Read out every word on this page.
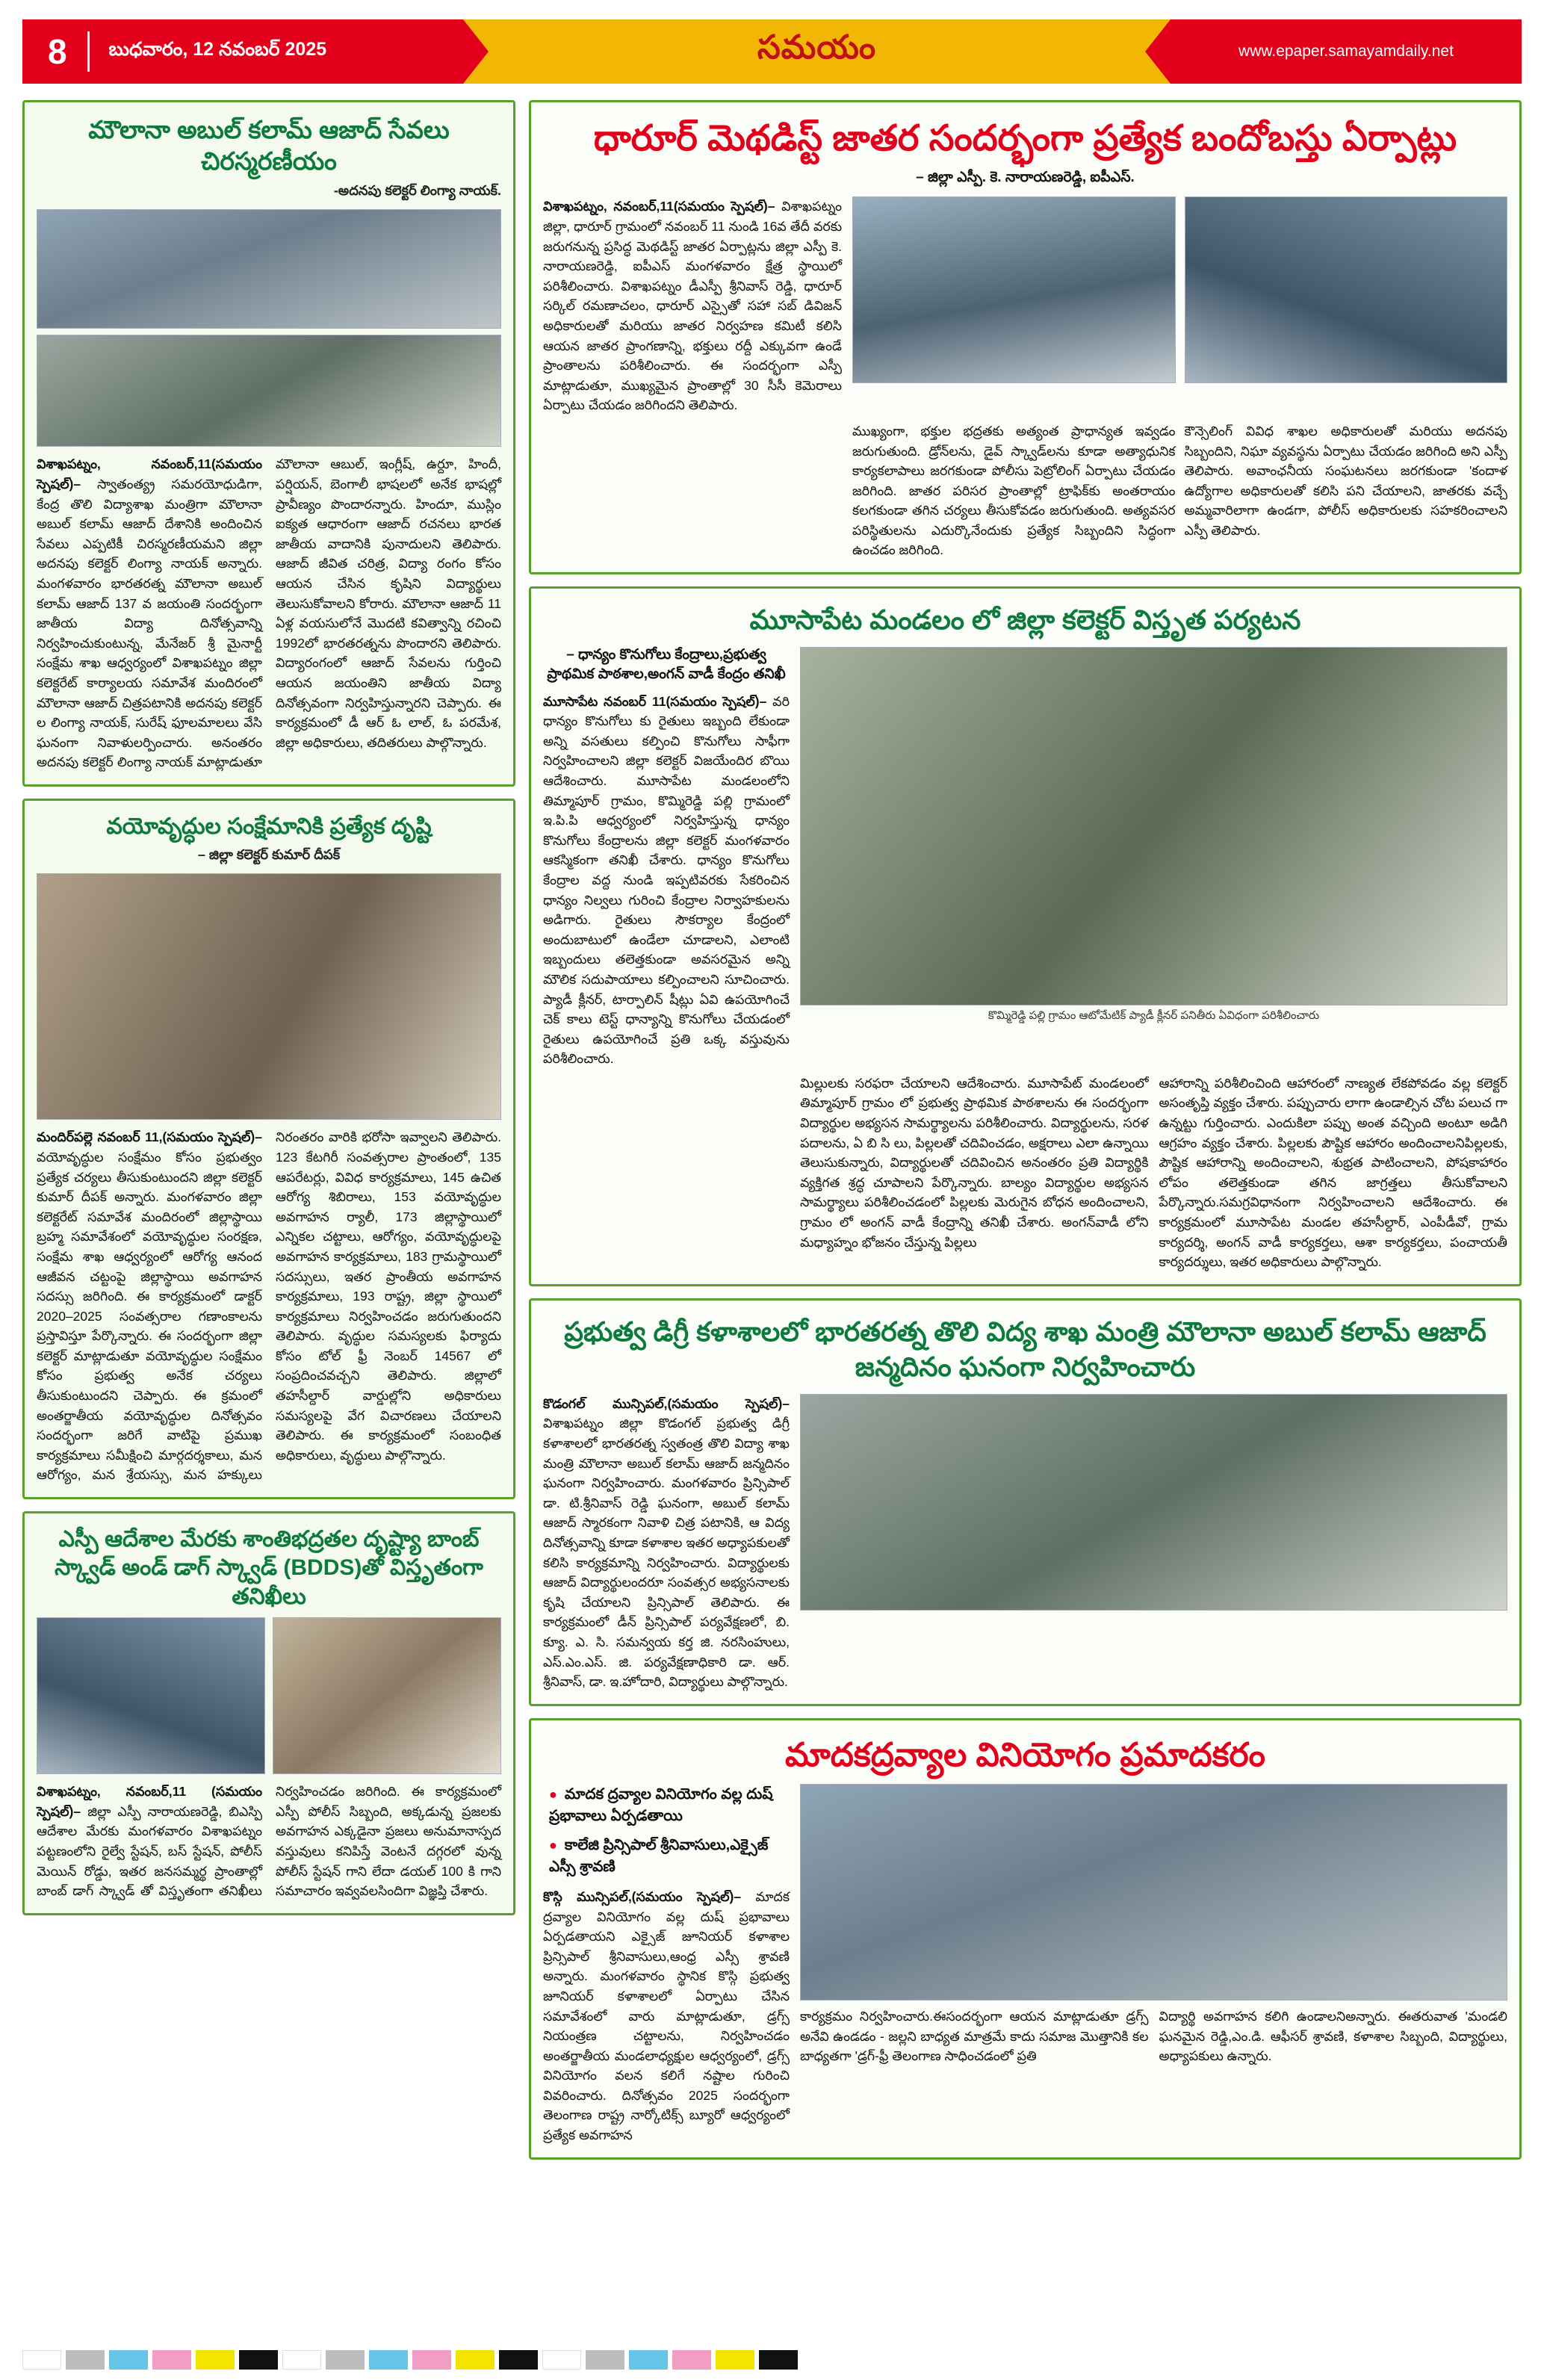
8	బుధవారం, 12 నవంబర్ 2025	సమయం	www.epaper.samayamdaily.net
మౌలానా అబుల్ కలామ్ ఆజాద్ సేవలు చిరస్మరణీయం
-అదనపు కలెక్టర్ లింగ్యా నాయక్.
విశాఖపట్నం, నవంబర్,11(సమయం స్పెషల్)– స్వాతంత్య్ర సమరయోధుడిగా, కేంద్ర తొలి విద్యాశాఖ మంత్రిగా మౌలానా అబుల్ కలామ్ ఆజాద్ దేశానికి అందించిన సేవలు ఎప్పటికీ చిరస్మరణీయమని జిల్లా అదనపు కలెక్టర్ లింగ్యా నాయక్ అన్నారు. మంగళవారం భారతరత్న మౌలానా అబుల్ కలామ్ ఆజాద్ 137 వ జయంతి సందర్భంగా జాతీయ విద్యా దినోత్సవాన్ని నిర్వహించుకుంటున్న, మేనేజర్ శ్రీ మైనార్టీ సంక్షేమ శాఖ ఆధ్వర్యంలో విశాఖపట్నం జిల్లా కలెక్టరేట్ కార్యాలయ సమావేశ మందిరంలో మౌలానా ఆజాద్ చిత్రపటానికి అదనపు కలెక్టర్ ల లింగ్యా నాయక్, సురేష్ ఫూలమాలలు వేసి ఘనంగా నివాళులర్పించారు. అనంతరం అదనపు కలెక్టర్ లింగ్యా నాయక్ మాట్లాడుతూ మౌలానా ఆబుల్, ఇంగ్లీష్, ఉర్దూ, హిందీ, పర్షియన్, బెంగాలీ భాషలలో అనేక భాషల్లో ప్రావీణ్యం పొందారన్నారు. హిందూ, ముస్లిం ఐక్యత ఆధారంగా ఆజాద్ రచనలు భారత జాతీయ వాదానికి పునాదులని తెలిపారు. ఆజాద్ జీవిత చరిత్ర, విద్యా రంగం కోసం ఆయన చేసిన కృషిని విద్యార్థులు తెలుసుకోవాలని కోరారు. మౌలానా ఆజాద్ 11 ఏళ్ల వయసులోనే మొదటి కవిత్వాన్ని రచించి 1992లో భారతరత్నను పొందారని తెలిపారు. విద్యారంగంలో ఆజాద్ సేవలను గుర్తించి ఆయన జయంతిని జాతీయ విద్యా దినోత్సవంగా నిర్వహిస్తున్నారని చెప్పారు. ఈ కార్యక్రమంలో డీ ఆర్ ఓ లాల్, ఓ పరమేశ, జిల్లా అధికారులు, తదితరులు పాల్గొన్నారు.
వయోవృద్ధుల సంక్షేమానికి ప్రత్యేక దృష్టి
– జిల్లా కలెక్టర్ కుమార్ దీపక్
మందిర్‌పల్లె నవంబర్ 11,(సమయం స్పెషల్)– వయోవృద్ధుల సంక్షేమం కోసం ప్రభుత్వం ప్రత్యేక చర్యలు తీసుకుంటుందని జిల్లా కలెక్టర్ కుమార్ దీపక్ అన్నారు. మంగళవారం జిల్లా కలెక్టరేట్ సమావేశ మందిరంలో జిల్లాస్థాయి బ్రహ్మ సమావేశంలో వయోవృద్ధుల సంరక్షణ, సంక్షేమ శాఖ ఆధ్వర్యంలో ఆరోగ్య ఆనంద ఆజీవన చట్టంపై జిల్లాస్థాయి అవగాహన సదస్సు జరిగింది. ఈ కార్యక్రమంలో డాక్టర్ 2020–2025 సంవత్సరాల గణాంకాలను ప్రస్తావిస్తూ పేర్కొన్నారు. ఈ సందర్భంగా జిల్లా కలెక్టర్ మాట్లాడుతూ వయోవృద్ధుల సంక్షేమం కోసం ప్రభుత్వ అనేక చర్యలు తీసుకుంటుందని చెప్పారు. ఈ క్రమంలో అంతర్జాతీయ వయోవృద్ధుల దినోత్సవం సందర్భంగా జరిగే వాటిపై ప్రముఖ కార్యక్రమాలు సమీక్షించి మార్గదర్శకాలు, మన ఆరోగ్యం, మన శ్రేయస్సు, మన హక్కులు నిరంతరం వారికి భరోసా ఇవ్వాలని తెలిపారు. 123 కేటగిరీ సంవత్సరాల ప్రాంతంలో, 135 ఆపరేటర్లు, వివిధ కార్యక్రమాలు, 145 ఉచిత ఆరోగ్య శిబిరాలు, 153 వయోవృద్ధుల అవగాహన ర్యాలీ, 173 జిల్లాస్థాయిలో ఎన్నికల చట్టాలు, ఆరోగ్యం, వయోవృద్ధులపై అవగాహన కార్యక్రమాలు, 183 గ్రామస్థాయిలో సదస్సులు, ఇతర ప్రాంతీయ అవగాహన కార్యక్రమాలు, 193 రాష్ట్ర, జిల్లా స్థాయిలో కార్యక్రమాలు నిర్వహించడం జరుగుతుందని తెలిపారు. వృద్ధుల సమస్యలకు ఫిర్యాదు కోసం టోల్ ఫ్రీ నెంబర్ 14567 లో సంప్రదించవచ్చని తెలిపారు. జిల్లాలో తహసీల్దార్ వార్డుల్లోని అధికారులు సమస్యలపై వేగ విచారణలు చేయాలని తెలిపారు. ఈ కార్యక్రమంలో సంబంధిత అధికారులు, వృద్ధులు పాల్గొన్నారు.
ఎస్పీ ఆదేశాల మేరకు శాంతిభద్రతల దృష్ట్యా బాంబ్ స్క్వాడ్ అండ్ డాగ్ స్క్వాడ్ (BDDS)తో విస్తృతంగా తనిఖీలు
విశాఖపట్నం, నవంబర్,11 (సమయం స్పెషల్)– జిల్లా ఎస్పీ నారాయణరెడ్డి, బిఎస్పి ఆదేశాల మేరకు మంగళవారం విశాఖపట్నం పట్టణంలోని రైల్వే స్టేషన్, బస్ స్టేషన్, పోలీస్ మెయిన్ రోడ్డు, ఇతర జనసమ్మర్థ ప్రాంతాల్లో బాంబ్ డాగ్ స్క్వాడ్ తో విస్తృతంగా తనిఖీలు నిర్వహించడం జరిగింది. ఈ కార్యక్రమంలో ఎస్పీ పోలీస్ సిబ్బంది, అక్కడున్న ప్రజలకు అవగాహన ఎక్కడైనా ప్రజలు అనుమానాస్పద వస్తువులు కనిపిస్తే వెంటనే దగ్గరలో వున్న పోలీస్ స్టేషన్ గాని లేదా డయల్ 100 కి గాని సమాచారం ఇవ్వవలసిందిగా విజ్ఞప్తి చేశారు.
ధారూర్ మెథడిస్ట్ జాతర సందర్భంగా ప్రత్యేక బందోబస్తు ఏర్పాట్లు
– జిల్లా ఎస్పీ. కె. నారాయణరెడ్డి, ఐపీఎస్.
విశాఖపట్నం, నవంబర్,11(సమయం స్పెషల్)– విశాఖపట్నం జిల్లా, ధారూర్ గ్రామంలో నవంబర్ 11 నుండి 16వ తేదీ వరకు జరుగనున్న ప్రసిద్ధ మెథడిస్ట్ జాతర ఏర్పాట్లను జిల్లా ఎస్పీ కె. నారాయణరెడ్డి, ఐపీఎస్ మంగళవారం క్షేత్ర స్థాయిలో పరిశీలించారు. విశాఖపట్నం డీఎస్పీ శ్రీనివాస్ రెడ్డి, ధారూర్ సర్కిల్ రమణాచలం, ధారూర్ ఎస్సైతో సహా సబ్ డివిజన్ అధికారులతో మరియు జాతర నిర్వహణ కమిటీ కలిసి ఆయన జాతర ప్రాంగణాన్ని, భక్తులు రద్దీ ఎక్కువగా ఉండే ప్రాంతాలను పరిశీలించారు. ఈ సందర్భంగా ఎస్పీ మాట్లాడుతూ, ముఖ్యమైన ప్రాంతాల్లో 30 సీసీ కెమెరాలు ఏర్పాటు చేయడం జరిగిందని తెలిపారు.
ముఖ్యంగా, భక్తుల భద్రతకు అత్యంత ప్రాధాన్యత ఇవ్వడం జరుగుతుంది. డ్రోన్‌లను, డైవ్ స్క్వాడ్‌లను కూడా అత్యాధునిక కార్యకలాపాలు జరగకుండా పోలీసు పెట్రోలింగ్ ఏర్పాటు చేయడం జరిగింది. జాతర పరిసర ప్రాంతాల్లో ట్రాఫిక్‌కు అంతరాయం కలగకుండా తగిన చర్యలు తీసుకోవడం జరుగుతుంది. అత్యవసర పరిస్థితులను ఎదుర్కొనేందుకు ప్రత్యేక సిబ్బందిని సిద్ధంగా ఉంచడం జరిగింది.
కౌన్సెలింగ్ వివిధ శాఖల అధికారులతో మరియు అదనపు సిబ్బందిని, నిఘా వ్యవస్థను ఏర్పాటు చేయడం జరిగింది అని ఎస్పీ తెలిపారు. అవాంఛనీయ సంఘటనలు జరగకుండా 'కందాళ ఉద్యోగాల అధికారులతో కలిసి పని చేయాలని, జాతరకు వచ్చే అమ్మవారిలాగా ఉండగా, పోలీస్ అధికారులకు సహకరించాలని ఎస్పీ తెలిపారు.
మూసాపేట మండలం లో జిల్లా కలెక్టర్ విస్తృత పర్యటన
– ధాన్యం కొనుగోలు కేంద్రాలు,ప్రభుత్వ ప్రాథమిక పాఠశాల,అంగన్ వాడీ కేంద్రం తనిఖీ
మూసాపేట నవంబర్ 11(సమయం స్పెషల్)– వరి ధాన్యం కొనుగోలు కు రైతులు ఇబ్బంది లేకుండా అన్ని వసతులు కల్పించి కొనుగోలు సాఫీగా నిర్వహించాలని జిల్లా కలెక్టర్ విజయేందిర బొయి ఆదేశించారు. మూసాపేట మండలంలోని తిమ్మాపూర్ గ్రామం, కొమ్మిరెడ్డి పల్లి గ్రామంలో ఇ.పి.పి ఆధ్వర్యంలో నిర్వహిస్తున్న ధాన్యం కొనుగోలు కేంద్రాలను జిల్లా కలెక్టర్ మంగళవారం ఆకస్మికంగా తనిఖీ చేశారు. ధాన్యం కొనుగోలు కేంద్రాల వద్ద నుండి ఇప్పటివరకు సేకరించిన ధాన్యం నిల్వలు గురించి కేంద్రాల నిర్వాహకులను అడిగారు. రైతులు సౌకర్యాల కేంద్రంలో అందుబాటులో ఉండేలా చూడాలని, ఎలాంటి ఇబ్బందులు తలెత్తకుండా అవసరమైన అన్ని మౌలిక సదుపాయాలు కల్పించాలని సూచించారు. ప్యాడీ క్లీనర్, టార్పాలిన్ షీట్లు ఏవి ఉపయోగించే చెక్ కాలు టెస్ట్ ధాన్యాన్ని కొనుగోలు చేయడంలో రైతులు ఉపయోగించే ప్రతి ఒక్క వస్తువును పరిశీలించారు.
కొమ్మిరెడ్డి పల్లి గ్రామం ఆటోమేటిక్ ప్యాడీ క్లీనర్ పనితీరు ఏవిధంగా పరిశీలించారు
మిల్లులకు సరఫరా చేయాలని ఆదేశించారు. మూసాపేట్ మండలంలో తిమ్మాపూర్ గ్రామం లో ప్రభుత్వ ప్రాథమిక పాఠశాలను ఈ సందర్భంగా విద్యార్థుల అభ్యసన సామర్థ్యాలను పరిశీలించారు. విద్యార్థులను, సరళ పదాలను, ఏ బి సి లు, పిల్లలతో చదివించడం, అక్షరాలు ఎలా ఉన్నాయి తెలుసుకున్నారు, విద్యార్థులతో చదివించిన అనంతరం ప్రతి విద్యార్థికి వ్యక్తిగత శ్రద్ధ చూపాలని పేర్కొన్నారు. బాల్యం విద్యార్థుల అభ్యసన సామర్థ్యాలు పరిశీలించడంలో పిల్లలకు మెరుగైన బోధన అందించాలని, గ్రామం లో అంగన్ వాడీ కేంద్రాన్ని తనిఖీ చేశారు. అంగన్‌వాడీ లోని మధ్యాహ్నం భోజనం చేస్తున్న పిల్లలు
ఆహారాన్ని పరిశీలించింది ఆహారంలో నాణ్యత లేకపోవడం వల్ల కలెక్టర్ అసంతృప్తి వ్యక్తం చేశారు. పప్పుచారు లాగా ఉండాల్సిన చోట పలుచ గా ఉన్నట్టు గుర్తించారు. ఎందుకిలా పప్పు అంత వచ్చింది అంటూ అడిగి ఆగ్రహం వ్యక్తం చేశారు. పిల్లలకు పౌష్టిక ఆహారం అందించాలనిపిల్లలకు, పౌష్టిక ఆహారాన్ని అందించాలని, శుభ్రత పాటించాలని, పోషకాహారం లోపం తలెత్తకుండా తగిన జాగ్రత్తలు తీసుకోవాలని పేర్కొన్నారు.సమగ్రవిధానంగా నిర్వహించాలని ఆదేశించారు. ఈ కార్యక్రమంలో మూసాపేట మండల తహసీల్దార్, ఎంపీడీవో, గ్రామ కార్యదర్శి, అంగన్ వాడీ కార్యకర్తలు, ఆశా కార్యకర్తలు, పంచాయతీ కార్యదర్శులు, ఇతర అధికారులు పాల్గొన్నారు.
ప్రభుత్వ డిగ్రీ కళాశాలలో భారతరత్న తొలి విద్య శాఖ మంత్రి మౌలానా అబుల్ కలామ్ ఆజాద్ జన్మదినం ఘనంగా నిర్వహించారు
కొడంగల్ మున్సిపల్,(సమయం స్పెషల్)– విశాఖపట్నం జిల్లా కొడంగల్ ప్రభుత్వ డిగ్రీ కళాశాలలో భారతరత్న స్వతంత్ర తొలి విద్యా శాఖ మంత్రి మౌలానా అబుల్ కలామ్ ఆజాద్ జన్మదినం ఘనంగా నిర్వహించారు. మంగళవారం ప్రిన్సిపాల్ డా. టి.శ్రీనివాస్ రెడ్డి ఘనంగా, అబుల్ కలామ్ ఆజాద్ స్మారకంగా నివాళి చిత్ర పటానికి, ఆ విద్య దినోత్సవాన్ని కూడా కళాశాల ఇతర అధ్యాపకులతో కలిసి కార్యక్రమాన్ని నిర్వహించారు. విద్యార్థులకు ఆజాద్ విద్యార్థులందరూ సంవత్సర అభ్యసనాలకు కృషి చేయాలని ప్రిన్సిపాల్ తెలిపారు. ఈ కార్యక్రమంలో డీన్ ప్రిన్సిపాల్ పర్యవేక్షణలో, బి. క్యూ. ఎ. సి. సమన్వయ కర్త జి. నరసింహులు, ఎస్.ఎం.ఎస్. జి. పర్యవేక్షణాధికారి డా. ఆర్. శ్రీనివాస్, డా. ఇ.హోదారి, విద్యార్థులు పాల్గొన్నారు.
మాదకద్రవ్యాల వినియోగం ప్రమాదకరం
● మాదక ద్రవ్యాల వినియోగం వల్ల దుష్ ప్రభావాలు ఏర్పడతాయి
● కాలేజి ప్రిన్సిపాల్ శ్రీనివాసులు,ఎక్సైజ్ ఎస్సీ శ్రావణి
కొస్గి మున్సిపల్,(సమయం స్పెషల్)– మాదక ద్రవ్యాల వినియోగం వల్ల దుష్ ప్రభావాలు ఏర్పడతాయని ఎక్సైజ్ జూనియర్ కళాశాల ప్రిన్సిపాల్ శ్రీనివాసులు,ఆంధ్ర ఎస్సీ శ్రావణి అన్నారు. మంగళవారం స్థానిక కొస్గి ప్రభుత్వ జూనియర్ కళాశాలలో ఏర్పాటు చేసిన సమావేశంలో వారు మాట్లాడుతూ, డ్రగ్స్ నియంత్రణ చట్టాలను, నిర్వహించడం అంతర్జాతీయ మండలాధ్యక్షుల ఆధ్వర్యంలో, డ్రగ్స్ వినియోగం వలన కలిగే నష్టాల గురించి వివరించారు. దినోత్సవం 2025 సందర్భంగా తెలంగాణ రాష్ట్ర నార్కోటిక్స్ బ్యూరో ఆధ్వర్యంలో ప్రత్యేక అవగాహన
కార్యక్రమం నిర్వహించారు.ఈసందర్భంగా ఆయన మాట్లాడుతూ డ్రగ్స్ అనేవి ఉండడం - జల్లని బాధ్యత మాత్రమే కాదు సమాజ మొత్తానికి కల బాధ్యతగా 'డ్రగ్-ఫ్రీ తెలంగాణ సాధించడంలో ప్రతి
విద్యార్థి అవగాహన కలిగి ఉండాలనిఅన్నారు. ఈతరువాత 'మండలి ఘనమైన రెడ్డి,ఎం.డి. ఆఫీసర్ శ్రావణి, కళాశాల సిబ్బంది, విద్యార్థులు, అధ్యాపకులు ఉన్నారు.
